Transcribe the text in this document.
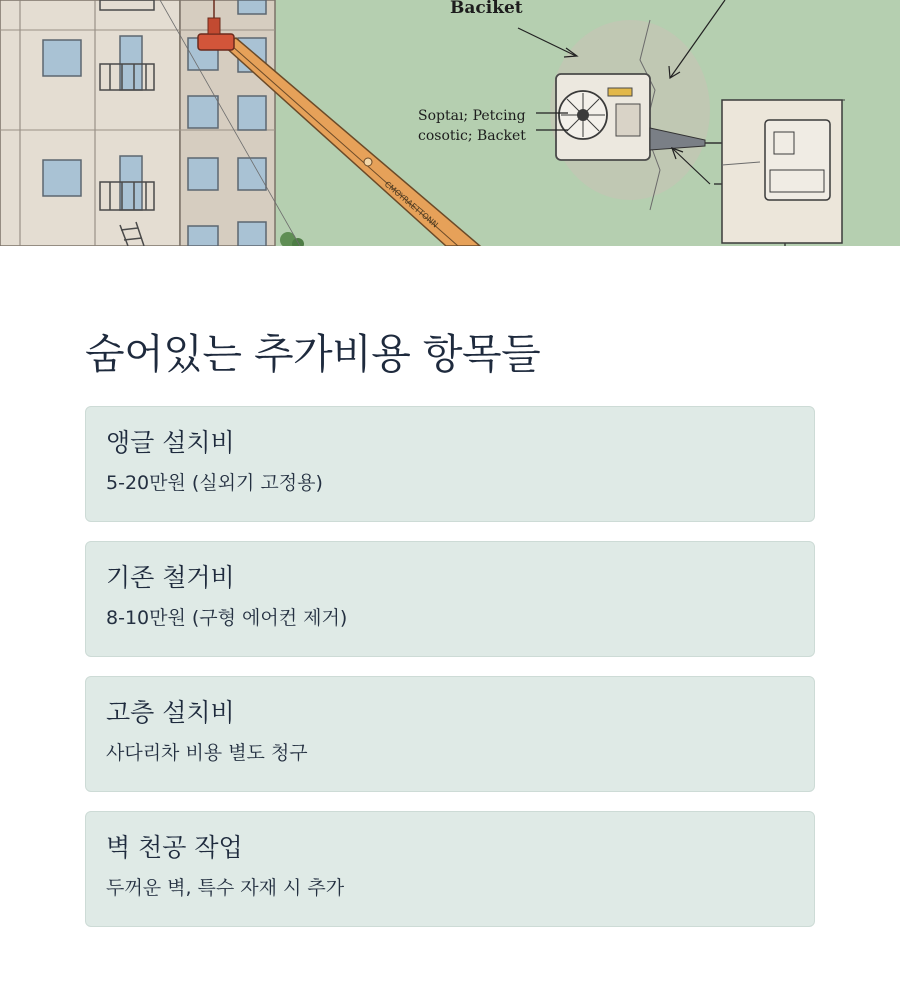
CMOYRAETTONN
Baciket
Soptaı; Petcing
cosotic; Backet
숨어있는 추가비용 항목들
앵글 설치비
5-20만원 (실외기 고정용)
기존 철거비
8-10만원 (구형 에어컨 제거)
고층 설치비
사다리차 비용 별도 청구
벽 천공 작업
두꺼운 벽, 특수 자재 시 추가
